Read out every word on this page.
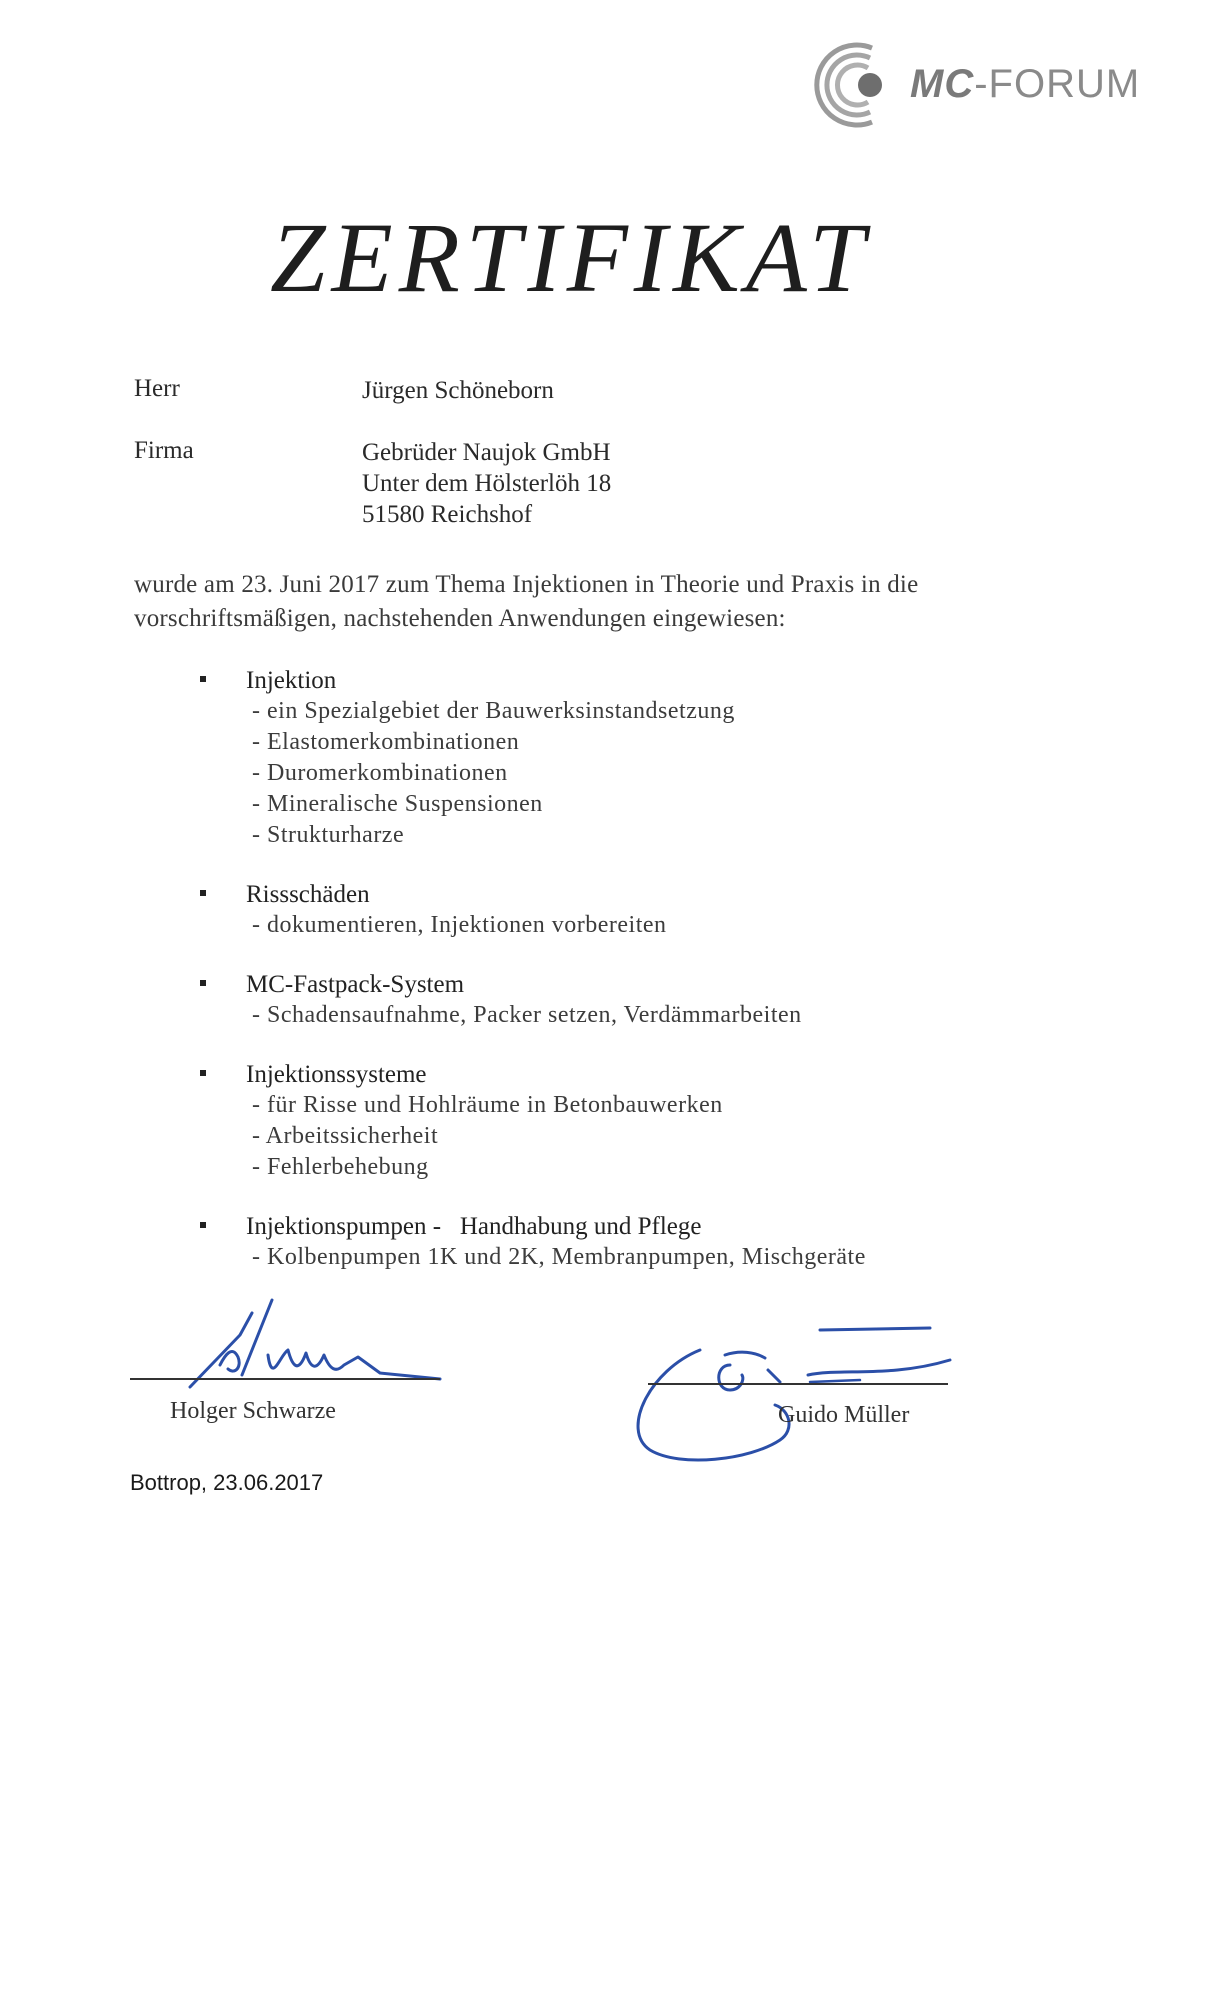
MC-FORUM
ZERTIFIKAT
Herr	Jürgen Schöneborn
Firma	Gebrüder Naujok GmbH
Unter dem Hölsterlöh 18
51580 Reichshof
wurde am 23. Juni 2017 zum Thema Injektionen in Theorie und Praxis in die
vorschriftsmäßigen, nachstehenden Anwendungen eingewiesen:
Injektion
- ein Spezialgebiet der Bauwerksinstandsetzung
- Elastomerkombinationen
- Duromerkombinationen
- Mineralische Suspensionen
- Strukturharze
Rissschäden
- dokumentieren, Injektionen vorbereiten
MC-Fastpack-System
- Schadensaufnahme, Packer setzen, Verdämmarbeiten
Injektionssysteme
- für Risse und Hohlräume in Betonbauwerken
- Arbeitssicherheit
- Fehlerbehebung
Injektionspumpen -   Handhabung und Pflege
- Kolbenpumpen 1K und 2K, Membranpumpen, Mischgeräte
Holger Schwarze	Guido Müller
Bottrop, 23.06.2017
